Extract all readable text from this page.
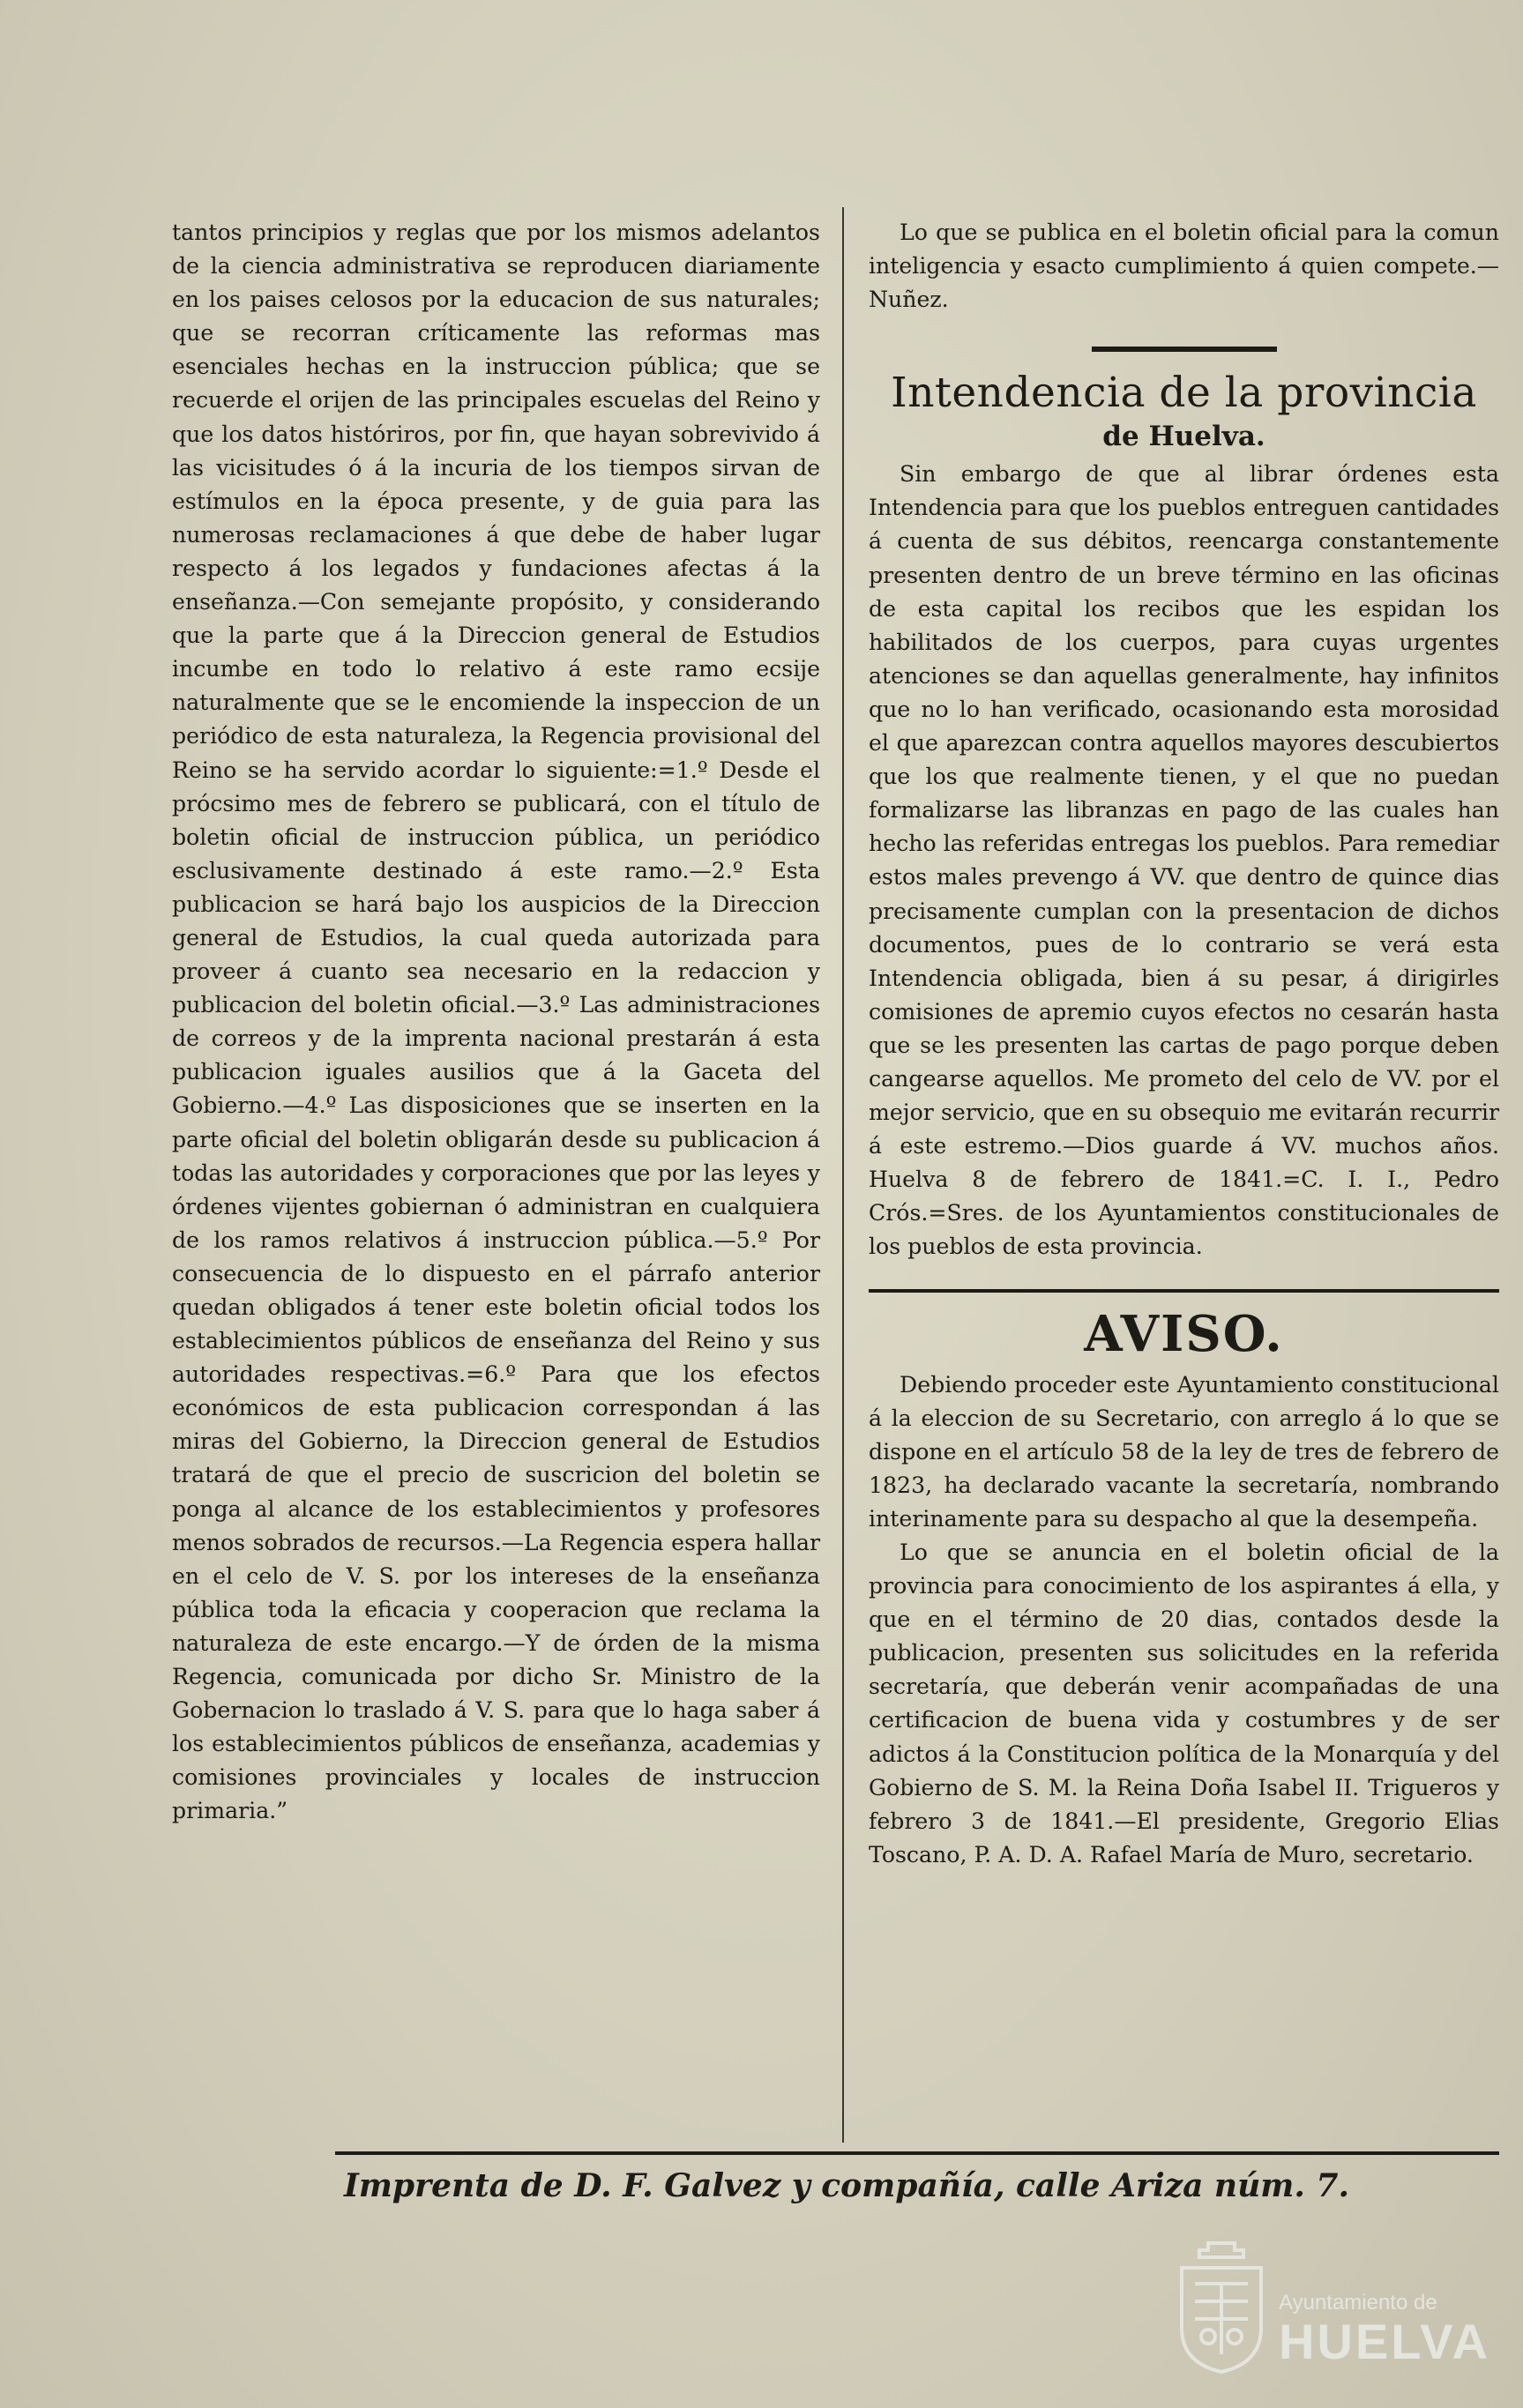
tantos principios y reglas que por los mismos adelantos de la ciencia administrativa se reproducen diariamente en los paises celosos por la educacion de sus naturales; que se recorran críticamente las reformas mas esenciales hechas en la instruccion pública; que se recuerde el orijen de las principales escuelas del Reino y que los datos históriros, por fin, que hayan sobrevivido á las vicisitudes ó á la incuria de los tiempos sirvan de estímulos en la época presente, y de guia para las numerosas reclamaciones á que debe de haber lugar respecto á los legados y fundaciones afectas á la enseñanza.—Con semejante propósito, y considerando que la parte que á la Direccion general de Estudios incumbe en todo lo relativo á este ramo ecsije naturalmente que se le encomiende la inspeccion de un periódico de esta naturaleza, la Regencia provisional del Reino se ha servido acordar lo siguiente:=1.º Desde el prócsimo mes de febrero se publicará, con el título de boletin oficial de instruccion pública, un periódico esclusivamente destinado á este ramo.—2.º Esta publicacion se hará bajo los auspicios de la Direccion general de Estudios, la cual queda autorizada para proveer á cuanto sea necesario en la redaccion y publicacion del boletin oficial.—3.º Las administraciones de correos y de la imprenta nacional prestarán á esta publicacion iguales ausilios que á la Gaceta del Gobierno.—4.º Las disposiciones que se inserten en la parte oficial del boletin obligarán desde su publicacion á todas las autoridades y corporaciones que por las leyes y órdenes vijentes gobiernan ó administran en cualquiera de los ramos relativos á instruccion pública.—5.º Por consecuencia de lo dispuesto en el párrafo anterior quedan obligados á tener este boletin oficial todos los establecimientos públicos de enseñanza del Reino y sus autoridades respectivas.=6.º Para que los efectos económicos de esta publicacion correspondan á las miras del Gobierno, la Direccion general de Estudios tratará de que el precio de suscricion del boletin se ponga al alcance de los establecimientos y profesores menos sobrados de recursos.—La Regencia espera hallar en el celo de V. S. por los intereses de la enseñanza pública toda la eficacia y cooperacion que reclama la naturaleza de este encargo.—Y de órden de la misma Regencia, comunicada por dicho Sr. Ministro de la Gobernacion lo traslado á V. S. para que lo haga saber á los establecimientos públicos de enseñanza, academias y comisiones provinciales y locales de instruccion primaria.”

Lo que se publica en el boletin oficial para la comun inteligencia y esacto cumplimiento á quien compete.—Nuñez.

Intendencia de la provincia
de Huelva.

Sin embargo de que al librar órdenes esta Intendencia para que los pueblos entreguen cantidades á cuenta de sus débitos, reencarga constantemente presenten dentro de un breve término en las oficinas de esta capital los recibos que les espidan los habilitados de los cuerpos, para cuyas urgentes atenciones se dan aquellas generalmente, hay infinitos que no lo han verificado, ocasionando esta morosidad el que aparezcan contra aquellos mayores descubiertos que los que realmente tienen, y el que no puedan formalizarse las libranzas en pago de las cuales han hecho las referidas entregas los pueblos. Para remediar estos males prevengo á VV. que dentro de quince dias precisamente cumplan con la presentacion de dichos documentos, pues de lo contrario se verá esta Intendencia obligada, bien á su pesar, á dirigirles comisiones de apremio cuyos efectos no cesarán hasta que se les presenten las cartas de pago porque deben cangearse aquellos. Me prometo del celo de VV. por el mejor servicio, que en su obsequio me evitarán recurrir á este estremo.—Dios guarde á VV. muchos años. Huelva 8 de febrero de 1841.=C. I. I., Pedro Crós.=Sres. de los Ayuntamientos constitucionales de los pueblos de esta provincia.

AVISO.

Debiendo proceder este Ayuntamiento constitucional á la eleccion de su Secretario, con arreglo á lo que se dispone en el artículo 58 de la ley de tres de febrero de 1823, ha declarado vacante la secretaría, nombrando interinamente para su despacho al que la desempeña.

Lo que se anuncia en el boletin oficial de la provincia para conocimiento de los aspirantes á ella, y que en el término de 20 dias, contados desde la publicacion, presenten sus solicitudes en la referida secretaría, que deberán venir acompañadas de una certificacion de buena vida y costumbres y de ser adictos á la Constitucion política de la Monarquía y del Gobierno de S. M. la Reina Doña Isabel II. Trigueros y febrero 3 de 1841.—El presidente, Gregorio Elias Toscano, P. A. D. A. Rafael María de Muro, secretario.

Imprenta de D. F. Galvez y compañía, calle Ariza núm. 7.
Ayuntamiento de
HUELVA
